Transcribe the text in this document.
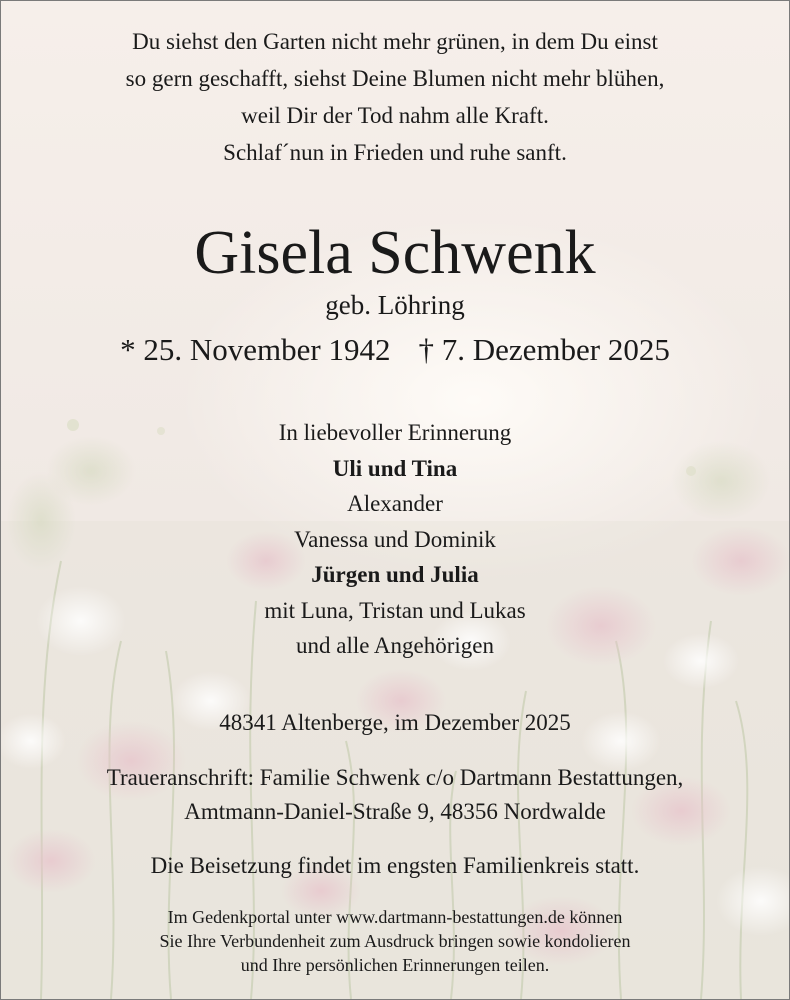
Du siehst den Garten nicht mehr grünen, in dem Du einst
so gern geschafft, siehst Deine Blumen nicht mehr blühen,
weil Dir der Tod nahm alle Kraft.
Schlaf´nun in Frieden und ruhe sanft.
Gisela Schwenk
geb. Löhring
* 25. November 1942 † 7. Dezember 2025
In liebevoller Erinnerung
Uli und Tina
Alexander
Vanessa und Dominik
Jürgen und Julia
mit Luna, Tristan und Lukas
und alle Angehörigen
48341 Altenberge, im Dezember 2025
Traueranschrift: Familie Schwenk c/o Dartmann Bestattungen,
Amtmann-Daniel-Straße 9, 48356 Nordwalde
Die Beisetzung findet im engsten Familienkreis statt.
Im Gedenkportal unter www.dartmann-bestattungen.de können
Sie Ihre Verbundenheit zum Ausdruck bringen sowie kondolieren
und Ihre persönlichen Erinnerungen teilen.
